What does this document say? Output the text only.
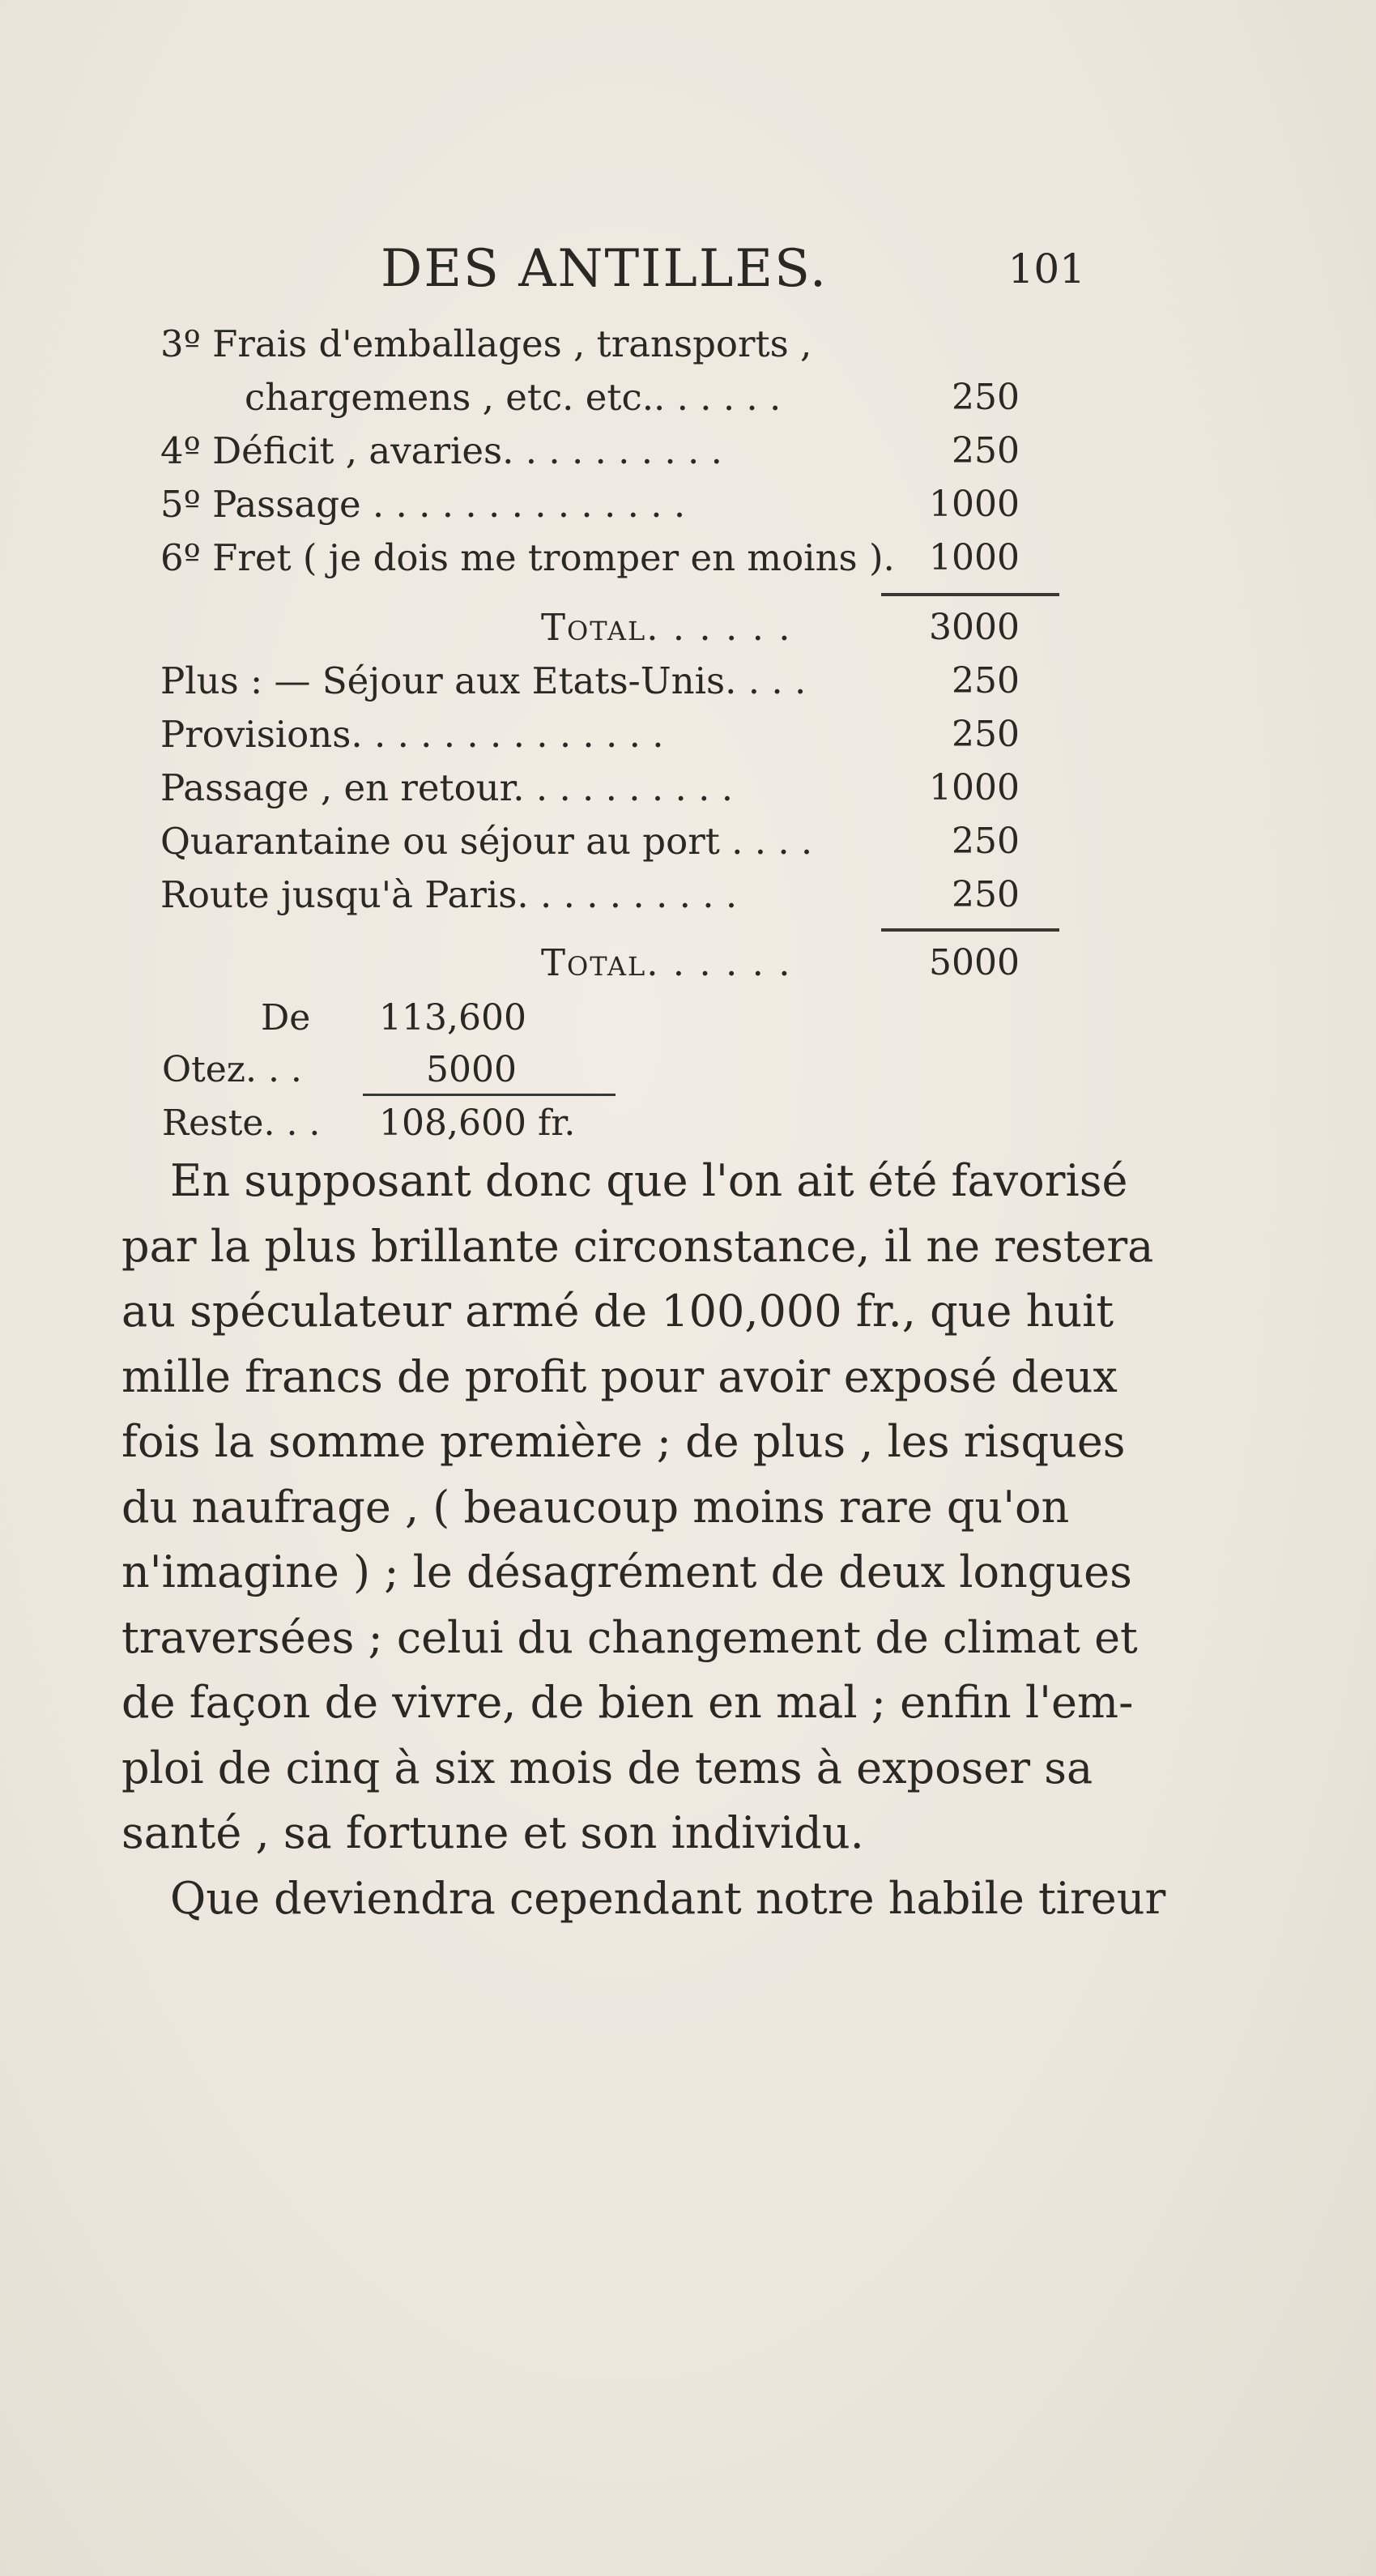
DES ANTILLES.	101
3º Frais d'emballages , transports ,
chargemens , etc. etc.. . . . . .	250
4º Déficit , avaries. . . . . . . . . .	250
5º Passage . . . . . . . . . . . . . .	1000
6º Fret ( je dois me tromper en moins ). 1000
Total. . . . . .	3000
Plus : — Séjour aux Etats-Unis. . . .	250
Provisions. . . . . . . . . . . . . .	250
Passage , en retour. . . . . . . . . .	1000
Quarantaine ou séjour au port . . . .	250
Route jusqu'à Paris. . . . . . . . . .	250
Total. . . . . .	5000
De 113,600
Otez. . .	5000
Reste. . . 108,600 fr.
En supposant donc que l'on ait été favorisé
par la plus brillante circonstance, il ne restera
au spéculateur armé de 100,000 fr., que huit
mille francs de profit pour avoir exposé deux
fois la somme première ; de plus , les risques
du naufrage , ( beaucoup moins rare qu'on
n'imagine ) ; le désagrément de deux longues
traversées ; celui du changement de climat et
de façon de vivre, de bien en mal ; enfin l'em-
ploi de cinq à six mois de tems à exposer sa
santé , sa fortune et son individu.
Que deviendra cependant notre habile tireur
